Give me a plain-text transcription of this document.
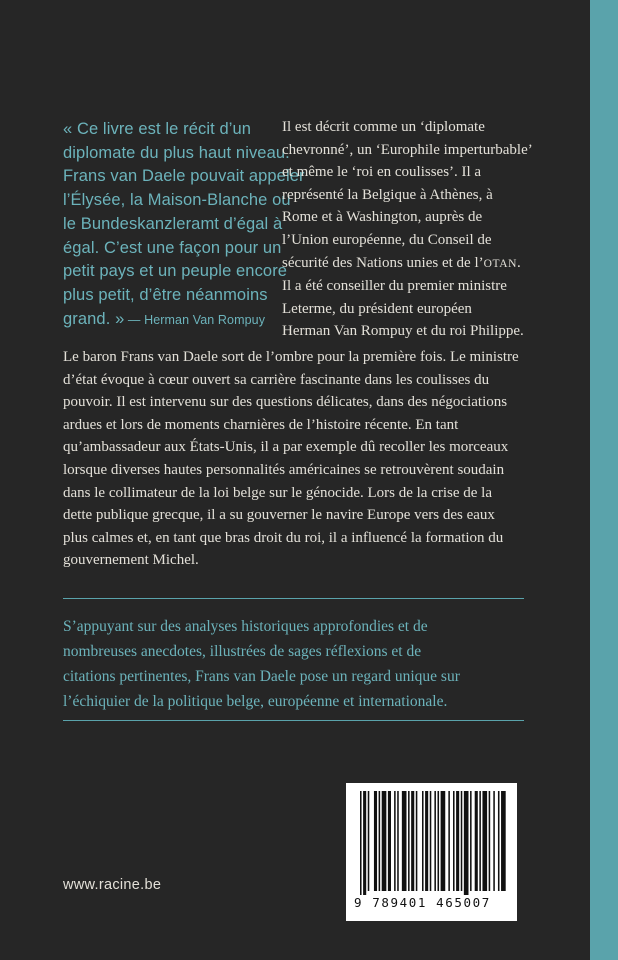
« Ce livre est le récit d’un
diplomate du plus haut niveau.
Frans van Daele pouvait appeler
l’Élysée, la Maison-Blanche ou
le Bundeskanzleramt d’égal à
égal. C’est une façon pour un
petit pays et un peuple encore
plus petit, d’être néanmoins
grand. » — Herman Van Rompuy
Il est décrit comme un ‘diplomate
chevronné’, un ‘Europhile imperturbable’
et même le ‘roi en coulisses’. Il a
représenté la Belgique à Athènes, à
Rome et à Washington, auprès de
l’Union européenne, du Conseil de
sécurité des Nations unies et de l’OTAN.
Il a été conseiller du premier ministre
Leterme, du président européen
Herman Van Rompuy et du roi Philippe.
Le baron Frans van Daele sort de l’ombre pour la première fois. Le ministre
d’état évoque à cœur ouvert sa carrière fascinante dans les coulisses du
pouvoir. Il est intervenu sur des questions délicates, dans des négociations
ardues et lors de moments charnières de l’histoire récente. En tant
qu’ambassadeur aux États-Unis, il a par exemple dû recoller les morceaux
lorsque diverses hautes personnalités américaines se retrouvèrent soudain
dans le collimateur de la loi belge sur le génocide. Lors de la crise de la
dette publique grecque, il a su gouverner le navire Europe vers des eaux
plus calmes et, en tant que bras droit du roi, il a influencé la formation du
gouvernement Michel.
S’appuyant sur des analyses historiques approfondies et de
nombreuses anecdotes, illustrées de sages réflexions et de
citations pertinentes, Frans van Daele pose un regard unique sur
l’échiquier de la politique belge, européenne et internationale.
www.racine.be
9 789401 465007
